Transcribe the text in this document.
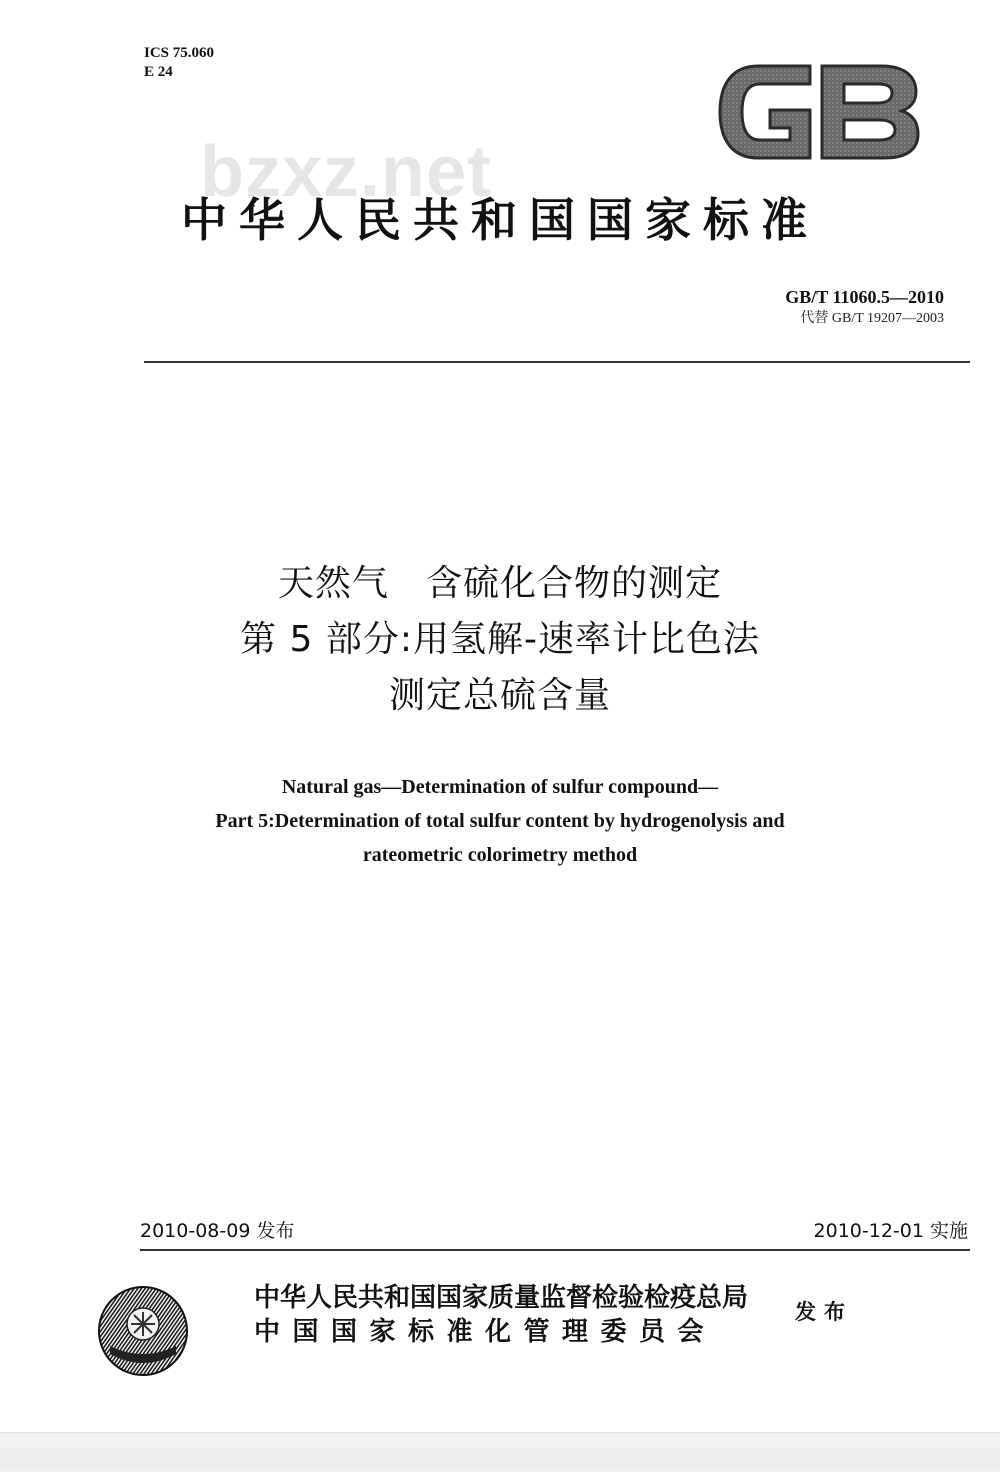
ICS 75.060
E 24
bzxz.net
中华人民共和国国家标准
GB/T 11060.5—2010
代替 GB/T 19207—2003
天然气　含硫化合物的测定
第 5 部分:用氢解-速率计比色法
测定总硫含量
Natural gas—Determination of sulfur compound—
Part 5:Determination of total sulfur content by hydrogenolysis and
rateometric colorimetry method
2010-08-09 发布	2010-12-01 实施
中华人民共和国国家质量监督检验检疫总局
中国国家标准化管理委员会
发布
